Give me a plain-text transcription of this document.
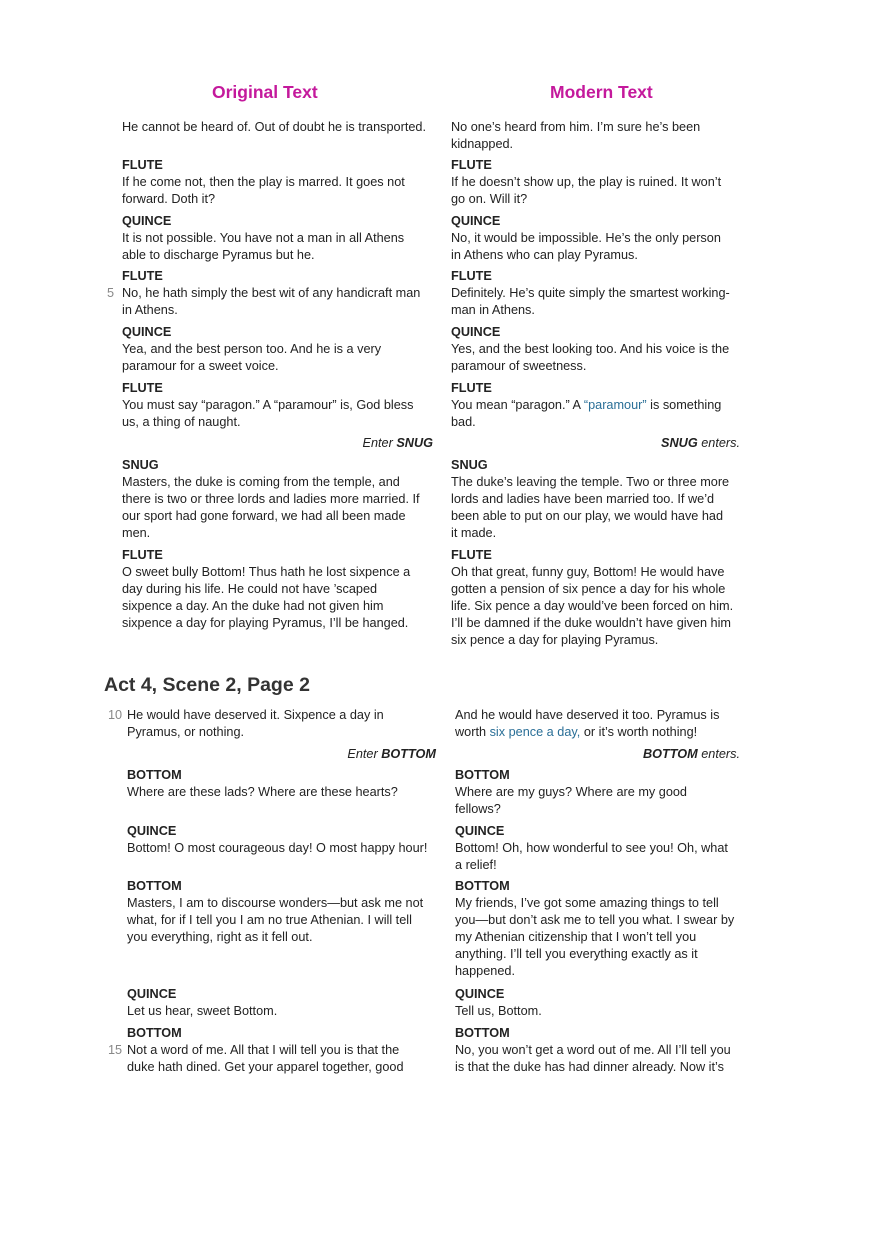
Original Text	Modern Text
He cannot be heard of. Out of doubt he is transported.
FLUTE
If he come not, then the play is marred. It goes not
forward. Doth it?
QUINCE
It is not possible. You have not a man in all Athens
able to discharge Pyramus but he.
5
FLUTE
No, he hath simply the best wit of any handicraft man
in Athens.
QUINCE
Yea, and the best person too. And he is a very
paramour for a sweet voice.
FLUTE
You must say “paragon.” A “paramour” is, God bless
us, a thing of naught.
Enter SNUG
SNUG
Masters, the duke is coming from the temple, and
there is two or three lords and ladies more married. If
our sport had gone forward, we had all been made
men.
FLUTE
O sweet bully Bottom! Thus hath he lost sixpence a
day during his life. He could not have ’scaped
sixpence a day. An the duke had not given him
sixpence a day for playing Pyramus, I’ll be hanged.
No one’s heard from him. I’m sure he’s been
kidnapped.
FLUTE
If he doesn’t show up, the play is ruined. It won’t
go on. Will it?
QUINCE
No, it would be impossible. He’s the only person
in Athens who can play Pyramus.
FLUTE
Definitely. He’s quite simply the smartest working-
man in Athens.
QUINCE
Yes, and the best looking too. And his voice is the
paramour of sweetness.
FLUTE
You mean “paragon.” A “paramour” is something
bad.
SNUG enters.
SNUG
The duke’s leaving the temple. Two or three more
lords and ladies have been married too. If we’d
been able to put on our play, we would have had
it made.
FLUTE
Oh that great, funny guy, Bottom! He would have
gotten a pension of six pence a day for his whole
life. Six pence a day would’ve been forced on him.
I’ll be damned if the duke wouldn’t have given him
six pence a day for playing Pyramus.
Act 4, Scene 2, Page 2
10 He would have deserved it. Sixpence a day in
Pyramus, or nothing.
Enter BOTTOM
BOTTOM
Where are these lads? Where are these hearts?
QUINCE
Bottom! O most courageous day! O most happy hour!
BOTTOM
Masters, I am to discourse wonders—but ask me not
what, for if I tell you I am no true Athenian. I will tell
you everything, right as it fell out.
QUINCE
Let us hear, sweet Bottom.
15
BOTTOM
Not a word of me. All that I will tell you is that the
duke hath dined. Get your apparel together, good
And he would have deserved it too. Pyramus is
worth six pence a day, or it’s worth nothing!
BOTTOM enters.
BOTTOM
Where are my guys? Where are my good
fellows?
QUINCE
Bottom! Oh, how wonderful to see you! Oh, what
a relief!
BOTTOM
My friends, I’ve got some amazing things to tell
you—but don’t ask me to tell you what. I swear by
my Athenian citizenship that I won’t tell you
anything. I’ll tell you everything exactly as it
happened.
QUINCE
Tell us, Bottom.
BOTTOM
No, you won’t get a word out of me. All I’ll tell you
is that the duke has had dinner already. Now it’s
